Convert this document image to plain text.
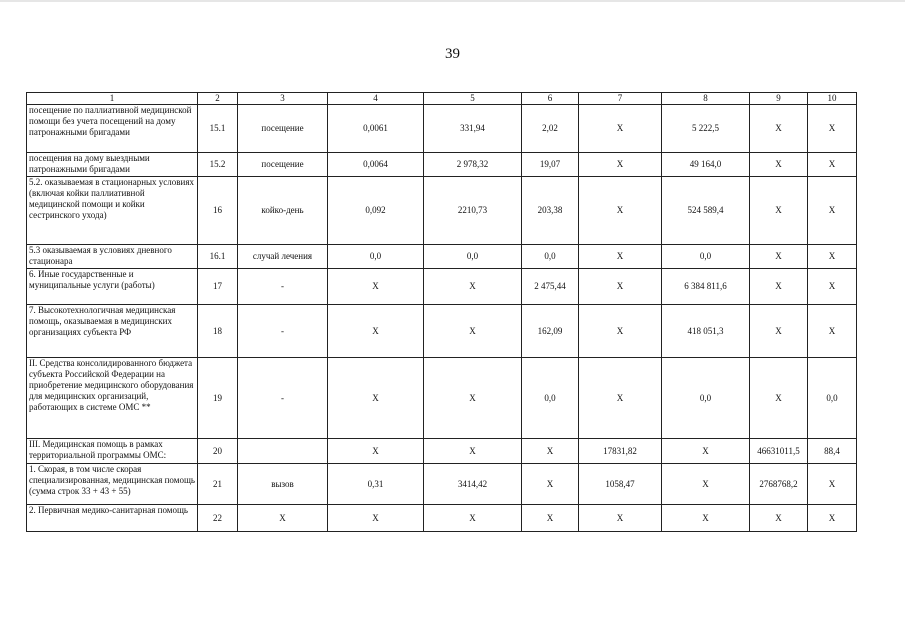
39
1	2	3	4	5	6	7	8	9	10
посещение по паллиативной медицинской помощи без учета посещений на дому патронажными бригадами	15.1	посещение	0,0061	331,94	2,02	X	5 222,5	X	X
посещения на дому выездными патронажными бригадами	15.2	посещение	0,0064	2 978,32	19,07	X	49 164,0	X	X
5.2. оказываемая в стационарных условиях (включая койки паллиативной медицинской помощи и койки сестринского ухода)	16	койко-день	0,092	2210,73	203,38	X	524 589,4	X	X
5.3 оказываемая в условиях дневного стационара	16.1	случай лечения	0,0	0,0	0,0	X	0,0	X	X
6. Иные государственные и муниципальные услуги (работы)	17	-	X	X	2 475,44	X	6 384 811,6	X	X
7. Высокотехнологичная медицинская помощь, оказываемая в медицинских организациях субъекта РФ	18	-	X	X	162,09	X	418 051,3	X	X
II. Средства консолидированного бюджета субъекта Российской Федерации на приобретение медицинского оборудования для медицинских организаций, работающих в системе ОМС **	19	-	X	X	0,0	X	0,0	X	0,0
III. Медицинская помощь в рамках территориальной программы ОМС:	20		X	X	X	17831,82	X	46631011,5	88,4
1. Скорая, в том числе скорая специализированная, медицинская помощь (сумма строк 33 + 43 + 55)	21	вызов	0,31	3414,42	X	1058,47	X	2768768,2	X
2. Первичная медико-санитарная помощь	22	X	X	X	X	X	X	X	X
